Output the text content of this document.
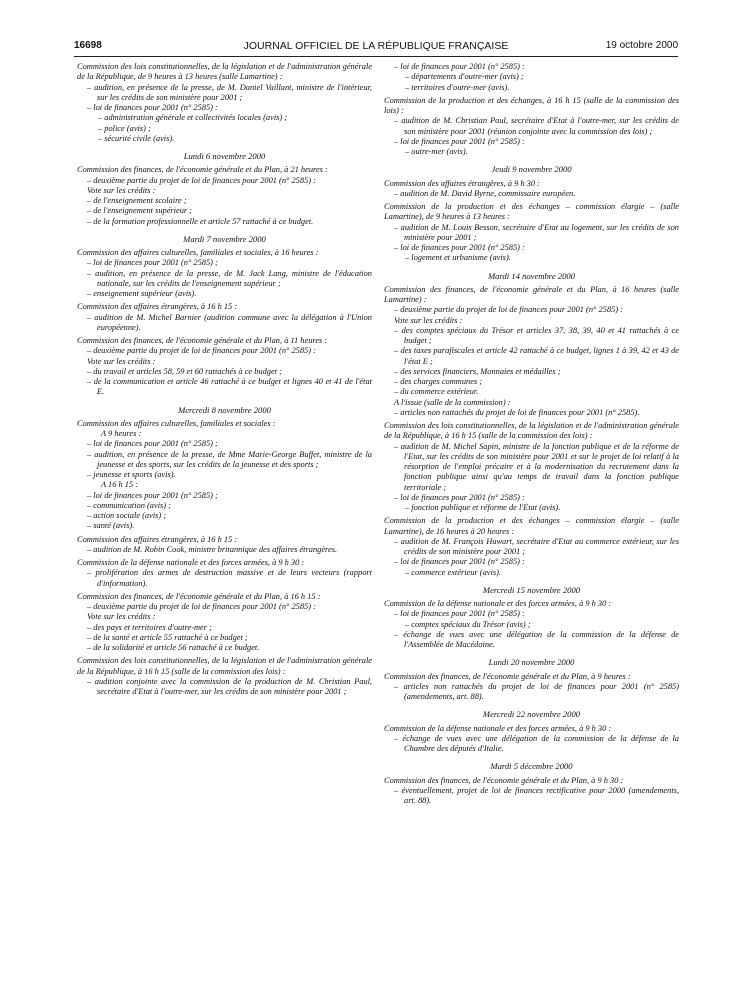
16698	JOURNAL OFFICIEL DE LA RÉPUBLIQUE FRANÇAISE	19 octobre 2000
Commission des lois constitutionnelles, de la législation et de l'administration générale de la République, de 9 heures à 13 heures (salle Lamartine) :
– audition, en présence de la presse, de M. Daniel Vaillant, ministre de l'intérieur, sur les crédits de son ministère pour 2001 ;
– loi de finances pour 2001 (n° 2585) :
– administration générale et collectivités locales (avis) ;
– police (avis) ;
– sécurité civile (avis).
Lundi 6 novembre 2000
Commission des finances, de l'économie générale et du Plan, à 21 heures :
– deuxième partie du projet de loi de finances pour 2001 (n° 2585) :
Vote sur les crédits :
– de l'enseignement scolaire ;
– de l'enseignement supérieur ;
– de la formation professionnelle et article 57 rattaché à ce budget.
Mardi 7 novembre 2000
Commission des affaires culturelles, familiales et sociales, à 16 heures :
– loi de finances pour 2001 (n° 2585) ;
– audition, en présence de la presse, de M. Jack Lang, ministre de l'éducation nationale, sur les crédits de l'enseignement supérieur ;
– enseignement supérieur (avis).
Commission des affaires étrangères, à 16 h 15 :
– audition de M. Michel Barnier (audition commune avec la délégation à l'Union européenne).
Commission des finances, de l'économie générale et du Plan, à 11 heures :
– deuxième partie du projet de loi de finances pour 2001 (n° 2585) :
Vote sur les crédits :
– du travail et articles 58, 59 et 60 rattachés à ce budget ;
– de la communication et article 46 rattaché à ce budget et lignes 40 et 41 de l'état E.
Mercredi 8 novembre 2000
Commission des affaires culturelles, familiales et sociales :
A 9 heures :
– loi de finances pour 2001 (n° 2585) ;
– audition, en présence de la presse, de Mme Marie-George Buffet, ministre de la jeunesse et des sports, sur les crédits de la jeunesse et des sports ;
– jeunesse et sports (avis).
A 16 h 15 :
– loi de finances pour 2001 (n° 2585) ;
– communication (avis) ;
– action sociale (avis) ;
– santé (avis).
Commission des affaires étrangères, à 16 h 15 :
– audition de M. Robin Cook, ministre britannique des affaires étrangères.
Commission de la défense nationale et des forces armées, à 9 h 30 :
– prolifération des armes de destruction massive et de leurs vecteurs (rapport d'information).
Commission des finances, de l'économie générale et du Plan, à 16 h 15 :
– deuxième partie du projet de loi de finances pour 2001 (n° 2585) :
Vote sur les crédits :
– des pays et territoires d'outre-mer ;
– de la santé et article 55 rattaché à ce budget ;
– de la solidarité et article 56 rattaché à ce budget.
Commission des lois constitutionnelles, de la législation et de l'administration générale de la République, à 16 h 15 (salle de la commission des lois) :
– audition conjointe avec la commission de la production de M. Christian Paul, secrétaire d'Etat à l'outre-mer, sur les crédits de son ministère pour 2001 ;
– loi de finances pour 2001 (n° 2585) :
– départements d'outre-mer (avis) ;
– territoires d'outre-mer (avis).
Commission de la production et des échanges, à 16 h 15 (salle de la commission des lois) :
– audition de M. Christian Paul, secrétaire d'Etat à l'outre-mer, sur les crédits de son ministère pour 2001 (réunion conjointe avec la commission des lois) ;
– loi de finances pour 2001 (n° 2585) :
– outre-mer (avis).
Jeudi 9 novembre 2000
Commission des affaires étrangères, à 9 h 30 :
– audition de M. David Byrne, commissaire européen.
Commission de la production et des échanges – commission élargie – (salle Lamartine), de 9 heures à 13 heures :
– audition de M. Louis Besson, secrétaire d'Etat au logement, sur les crédits de son ministère pour 2001 ;
– loi de finances pour 2001 (n° 2585) :
– logement et urbanisme (avis).
Mardi 14 novembre 2000
Commission des finances, de l'économie générale et du Plan, à 16 heures (salle Lamartine) :
– deuxième partie du projet de loi de finances pour 2001 (n° 2585) :
Vote sur les crédits :
– des comptes spéciaux du Trésor et articles 37, 38, 39, 40 et 41 rattachés à ce budget ;
– des taxes parafiscales et article 42 rattaché à ce budget, lignes 1 à 39, 42 et 43 de l'état E ;
– des services financiers, Monnaies et médailles ;
– des charges communes ;
– du commerce extérieur.
A l'issue (salle de la commission) :
– articles non rattachés du projet de loi de finances pour 2001 (n° 2585).
Commission des lois constitutionnelles, de la législation et de l'administration générale de la République, à 16 h 15 (salle de la commission des lois) :
– audition de M. Michel Sapin, ministre de la fonction publique et de la réforme de l'Etat, sur les crédits de son ministère pour 2001 et sur le projet de loi relatif à la résorption de l'emploi précaire et à la modernisation du recrutement dans la fonction publique ainsi qu'au temps de travail dans la fonction publique territoriale ;
– loi de finances pour 2001 (n° 2585) :
– fonction publique et réforme de l'Etat (avis).
Commission de la production et des échanges – commission élargie – (salle Lamartine), de 16 heures à 20 heures :
– audition de M. François Huwart, secrétaire d'Etat au commerce extérieur, sur les crédits de son ministère pour 2001 ;
– loi de finances pour 2001 (n° 2585) :
– commerce extérieur (avis).
Mercredi 15 novembre 2000
Commission de la défense nationale et des forces armées, à 9 h 30 :
– loi de finances pour 2001 (n° 2585) :
– comptes spéciaux du Trésor (avis) ;
– échange de vues avec une délégation de la commission de la défense de l'Assemblée de Macédoine.
Lundi 20 novembre 2000
Commission des finances, de l'économie générale et du Plan, à 9 heures :
– articles non rattachés du projet de loi de finances pour 2001 (n° 2585) (amendements, art. 88).
Mercredi 22 novembre 2000
Commission de la défense nationale et des forces armées, à 9 h 30 :
– échange de vues avec une délégation de la commission de la défense de la Chambre des députés d'Italie.
Mardi 5 décembre 2000
Commission des finances, de l'économie générale et du Plan, à 9 h 30 :
– éventuellement, projet de loi de finances rectificative pour 2000 (amendements, art. 88).
